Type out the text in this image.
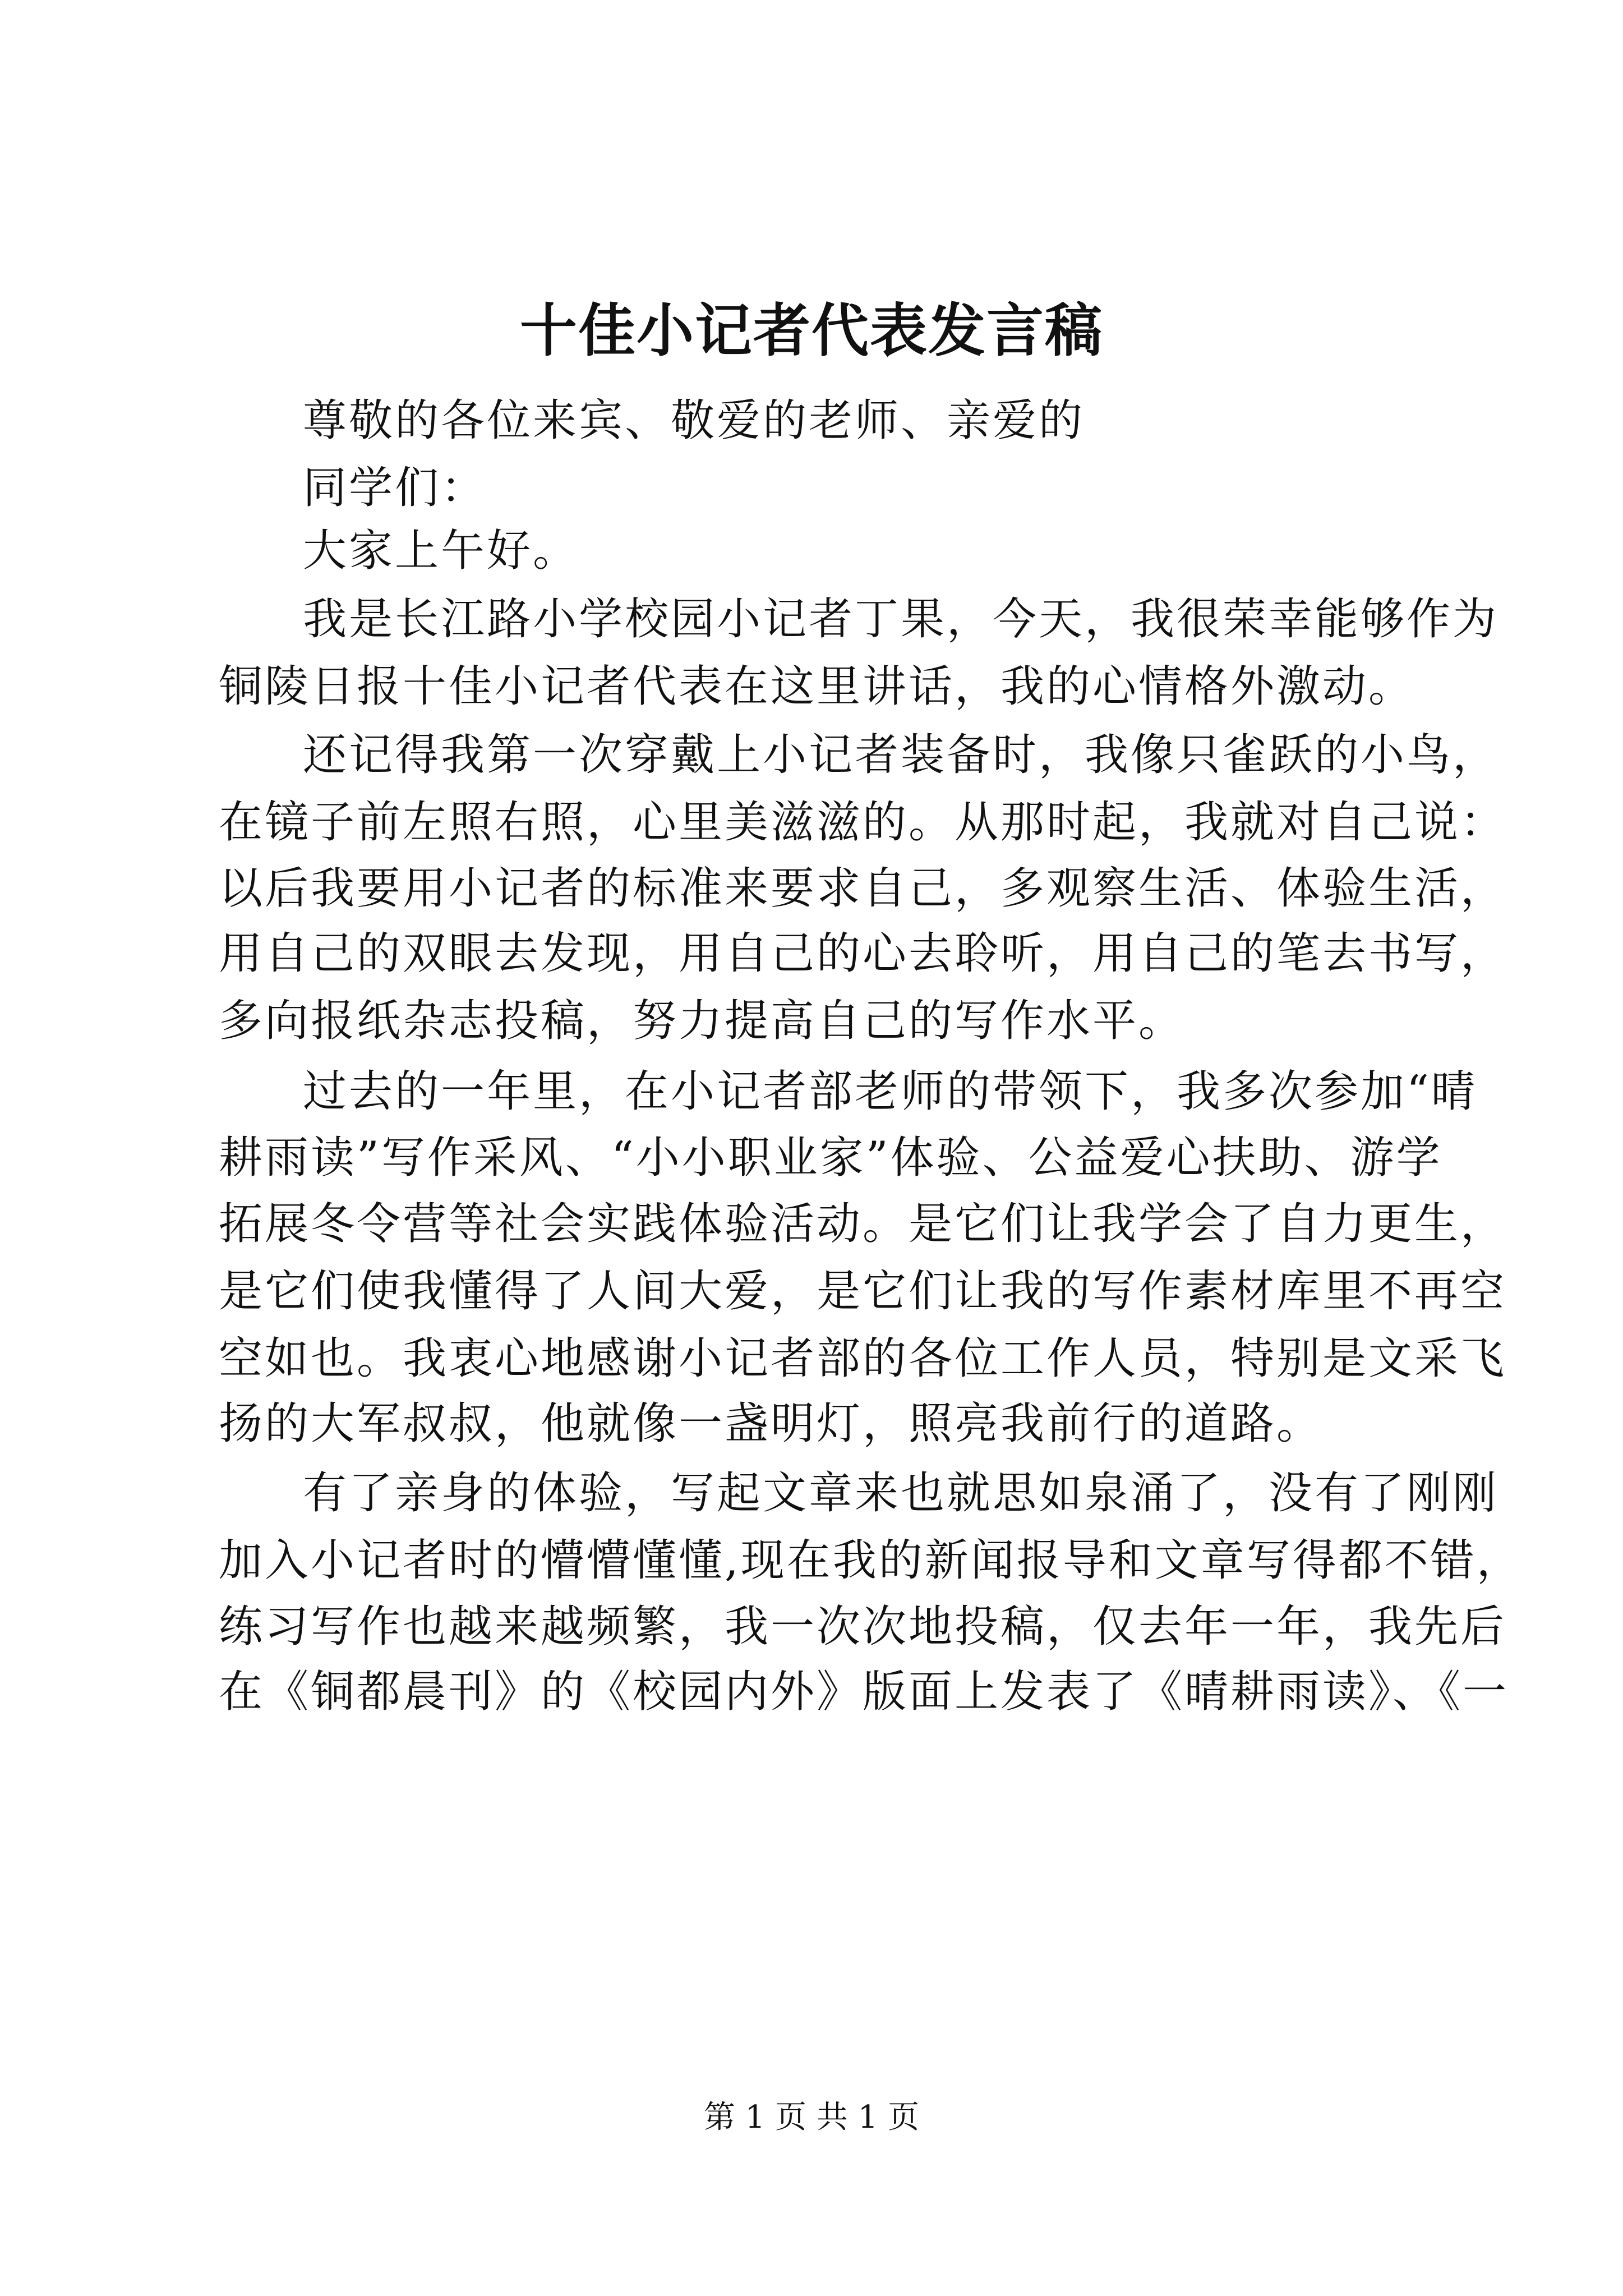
十佳小记者代表发言稿
尊敬的各位来宾、敬爱的老师、亲爱的
同学们：
大家上午好。
我是长江路小学校园小记者丁果，今天，我很荣幸能够作为
铜陵日报十佳小记者代表在这里讲话，我的心情格外激动。
还记得我第一次穿戴上小记者装备时，我像只雀跃的小鸟，
在镜子前左照右照，心里美滋滋的。从那时起，我就对自己说：
以后我要用小记者的标准来要求自己，多观察生活、体验生活，
用自己的双眼去发现，用自己的心去聆听，用自己的笔去书写，
多向报纸杂志投稿，努力提高自己的写作水平。
过去的一年里，在小记者部老师的带领下，我多次参加“晴
耕雨读”写作采风、“小小职业家”体验、公益爱心扶助、游学
拓展冬令营等社会实践体验活动。是它们让我学会了自力更生，
是它们使我懂得了人间大爱，是它们让我的写作素材库里不再空
空如也。我衷心地感谢小记者部的各位工作人员，特别是文采飞
扬的大军叔叔，他就像一盏明灯，照亮我前行的道路。
有了亲身的体验，写起文章来也就思如泉涌了，没有了刚刚
加入小记者时的懵懵懂懂,现在我的新闻报导和文章写得都不错，
练习写作也越来越频繁，我一次次地投稿，仅去年一年，我先后
在《铜都晨刊》的《校园内外》版面上发表了《晴耕雨读》、《一
第 1 页 共 1 页
